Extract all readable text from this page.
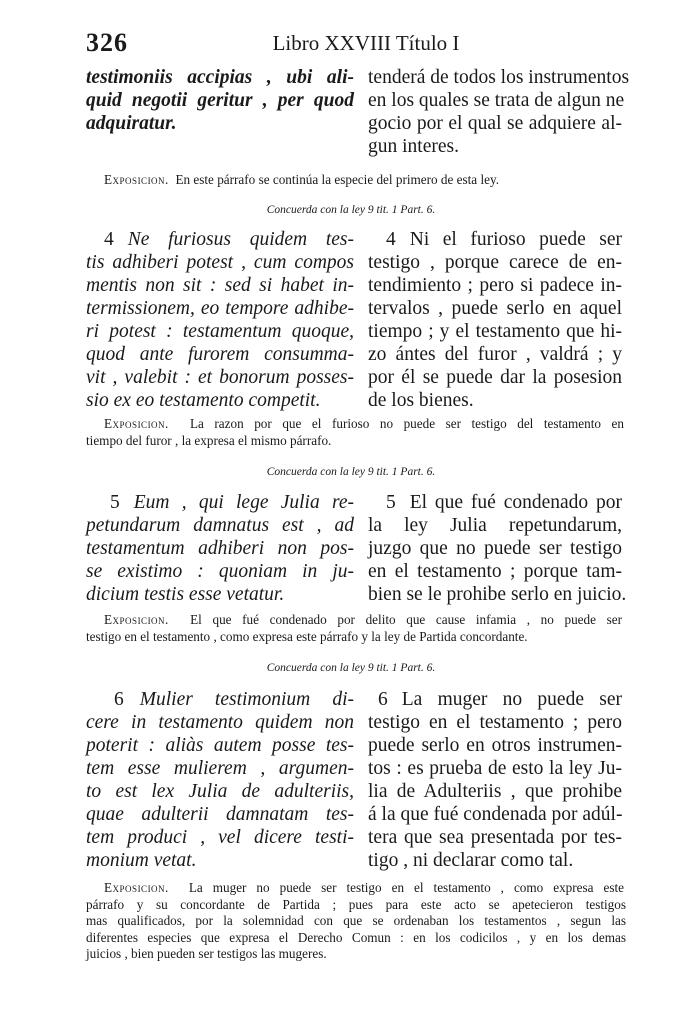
326	Libro XXVIII Título I
testimoniis accipias , ubi ali-
quid negotii geritur , per quod
adquiratur.
tenderá de todos los instrumentos
en los quales se trata de algun ne
gocio por el qual se adquiere al-
gun interes.
Exposicion. En este párrafo se continúa la especie del primero de esta ley.
Concuerda con la ley 9 tit. 1 Part. 6.
4 Ne furiosus quidem tes-
tis adhiberi potest , cum compos
mentis non sit : sed si habet in-
termissionem, eo tempore adhibe-
ri potest : testamentum quoque,
quod ante furorem consumma-
vit , valebit : et bonorum posses-
sio ex eo testamento competit.
4 Ni el furioso puede ser
testigo , porque carece de en-
tendimiento ; pero si padece in-
tervalos , puede serlo en aquel
tiempo ; y el testamento que hi-
zo ántes del furor , valdrá ; y
por él se puede dar la posesion
de los bienes.
Exposicion. La razon por que el furioso no puede ser testigo del testamento en
tiempo del furor , la expresa el mismo párrafo.
Concuerda con la ley 9 tit. 1 Part. 6.
5 Eum , qui lege Julia re-
petundarum damnatus est , ad
testamentum adhiberi non pos-
se existimo : quoniam in ju-
dicium testis esse vetatur.
5 El que fué condenado por
la ley Julia repetundarum,
juzgo que no puede ser testigo
en el testamento ; porque tam-
bien se le prohibe serlo en juicio.
Exposicion. El que fué condenado por delito que cause infamia , no puede ser
testigo en el testamento , como expresa este párrafo y la ley de Partida concordante.
Concuerda con la ley 9 tit. 1 Part. 6.
6 Mulier testimonium di-
cere in testamento quidem non
poterit : aliàs autem posse tes-
tem esse mulierem , argumen-
to est lex Julia de adulteriis,
quae adulterii damnatam tes-
tem produci , vel dicere testi-
monium vetat.
6 La muger no puede ser
testigo en el testamento ; pero
puede serlo en otros instrumen-
tos : es prueba de esto la ley Ju-
lia de Adulteriis , que prohibe
á la que fué condenada por adúl-
tera que sea presentada por tes-
tigo , ni declarar como tal.
Exposicion. La muger no puede ser testigo en el testamento , como expresa este
párrafo y su concordante de Partida ; pues para este acto se apetecieron testigos
mas qualificados, por la solemnidad con que se ordenaban los testamentos , segun las
diferentes especies que expresa el Derecho Comun : en los codicilos , y en los demas
juicios , bien pueden ser testigos las mugeres.
